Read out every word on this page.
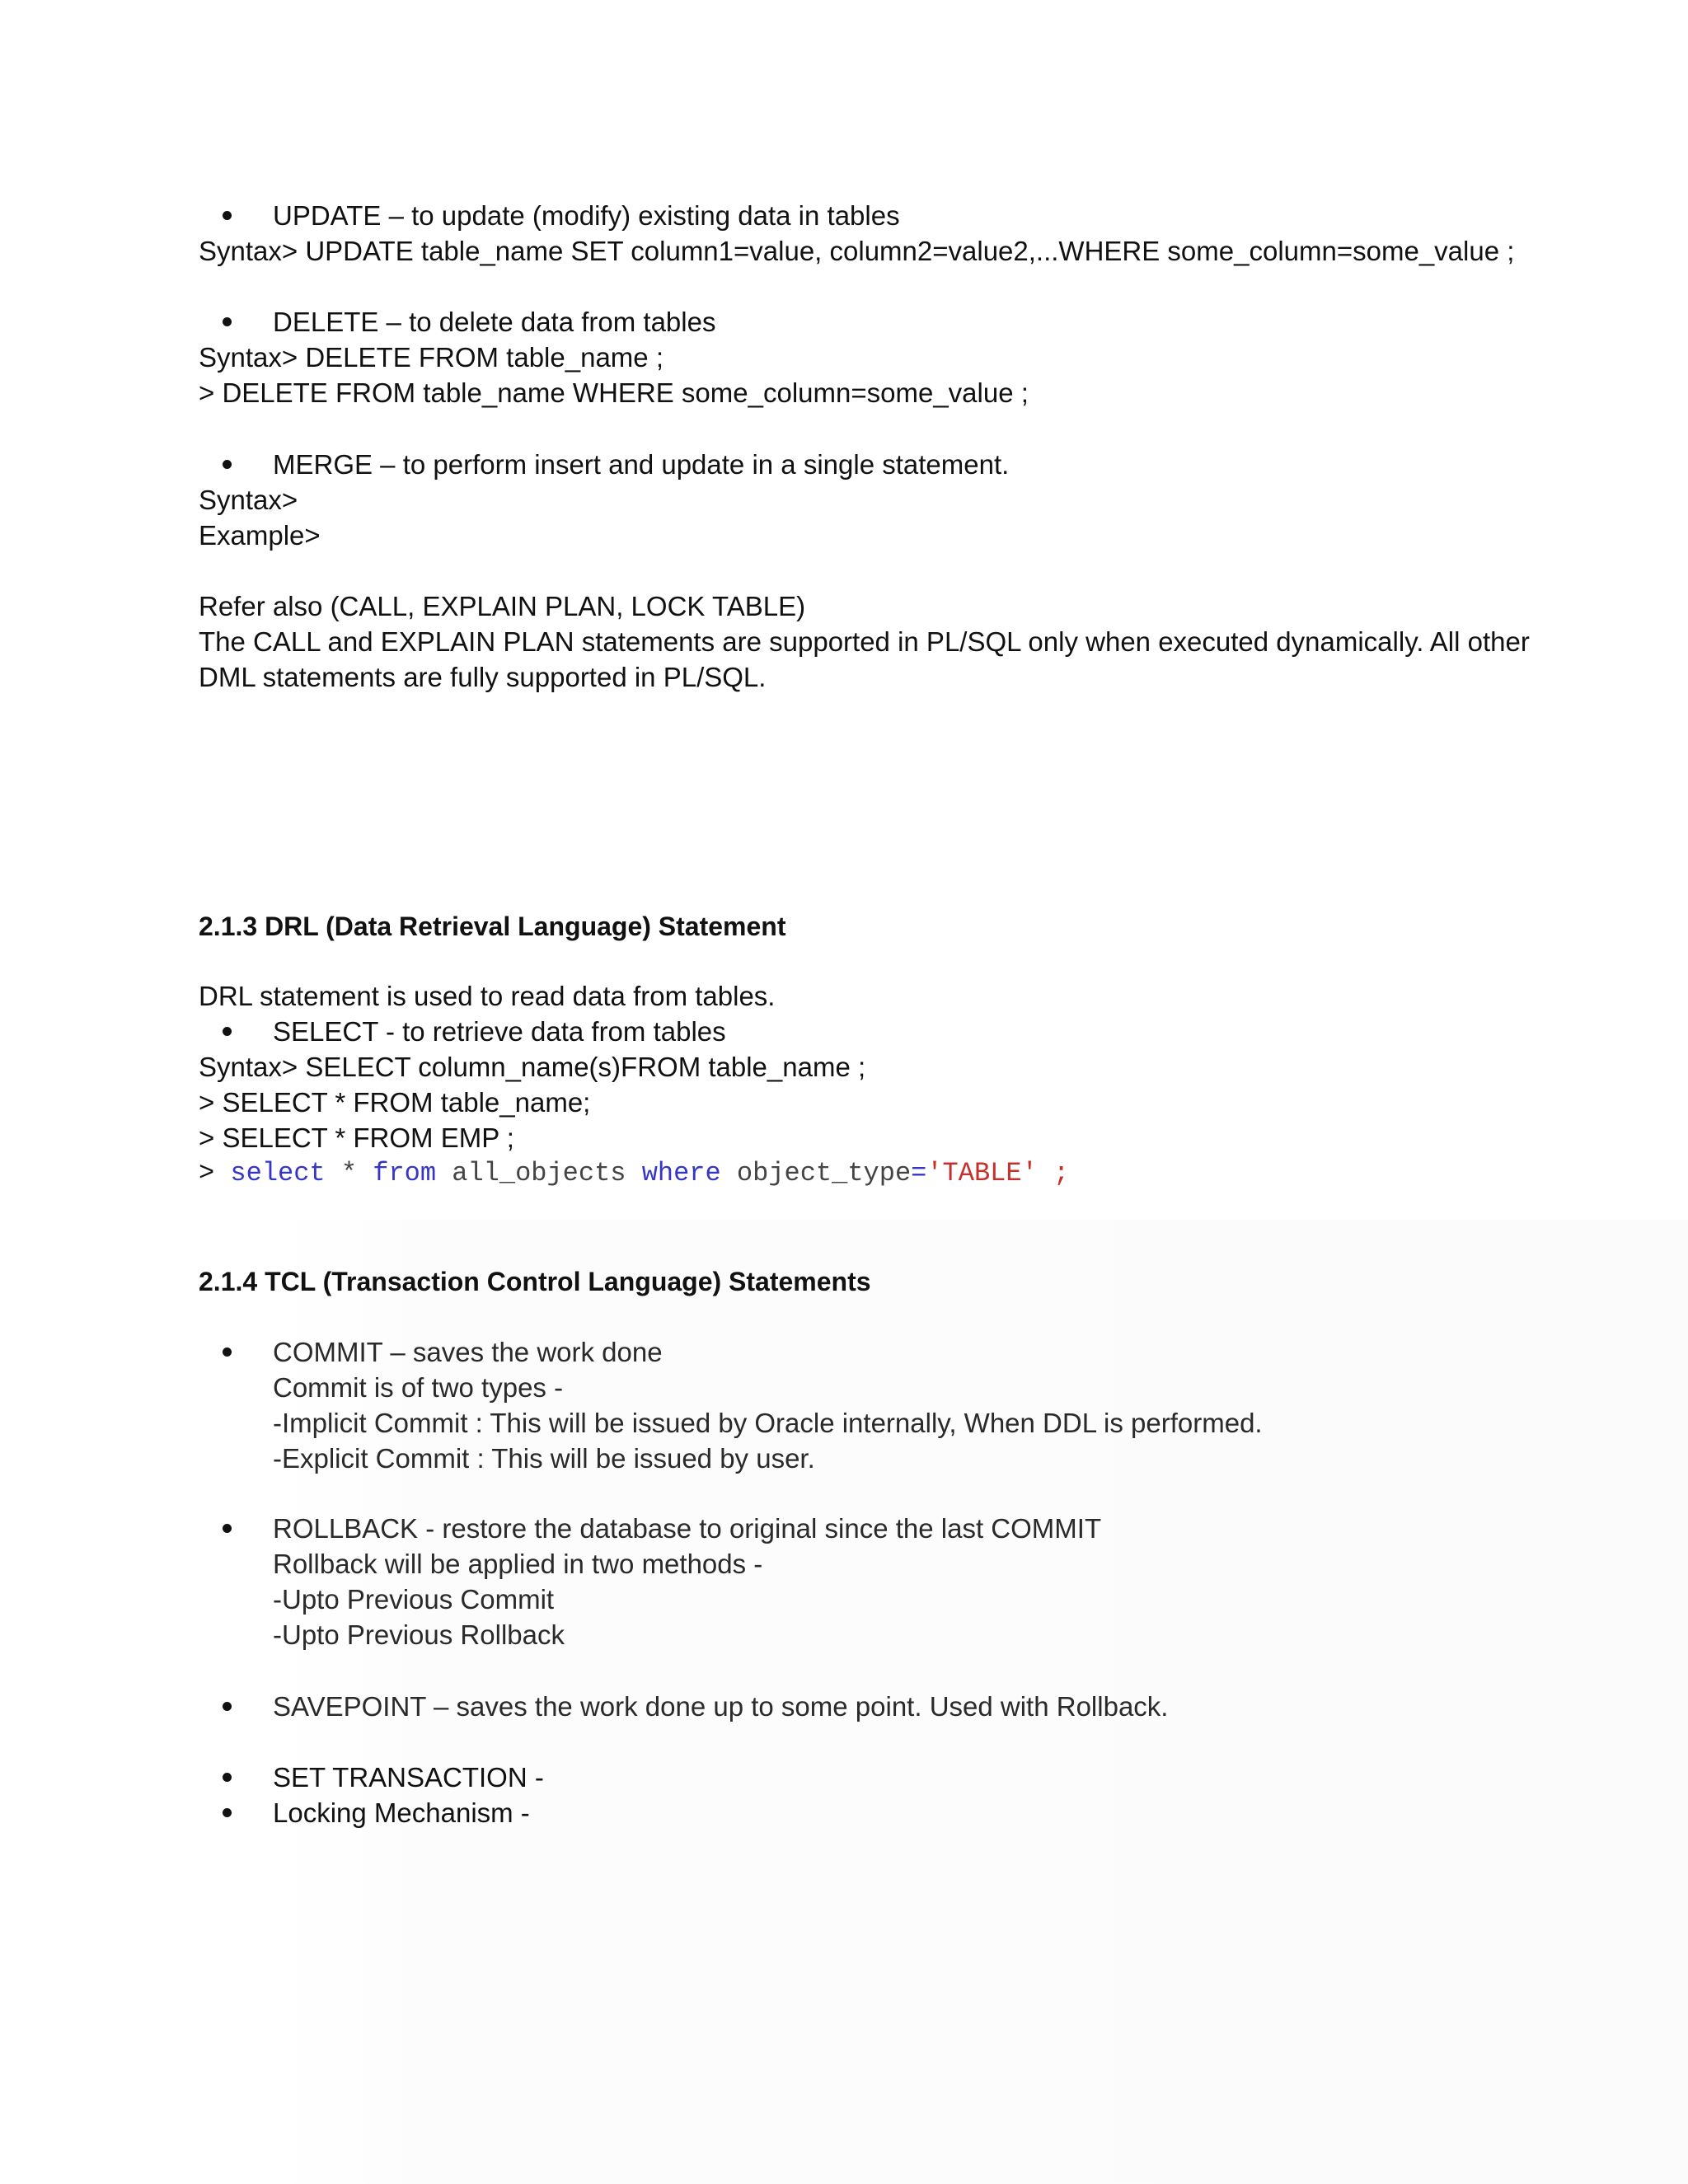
UPDATE – to update (modify) existing data in tables

Syntax> UPDATE table_name SET column1=value, column2=value2,...WHERE some_column=some_value ;

DELETE – to delete data from tables

Syntax> DELETE FROM table_name ;

> DELETE FROM table_name WHERE some_column=some_value ;

MERGE – to perform insert and update in a single statement.

Syntax>

Example>

Refer also (CALL, EXPLAIN PLAN, LOCK TABLE)

The CALL and EXPLAIN PLAN statements are supported in PL/SQL only when executed dynamically. All other

DML statements are fully supported in PL/SQL.

2.1.3 DRL (Data Retrieval Language) Statement

DRL statement is used to read data from tables.

SELECT - to retrieve data from tables

Syntax> SELECT column_name(s)FROM table_name ;

> SELECT * FROM table_name;

> SELECT * FROM EMP ;

> select * from all_objects where object_type='TABLE' ;

2.1.4 TCL (Transaction Control Language) Statements

COMMIT – saves the work done

Commit is of two types -

-Implicit Commit : This will be issued by Oracle internally, When DDL is performed.

-Explicit Commit : This will be issued by user.

ROLLBACK - restore the database to original since the last COMMIT

Rollback will be applied in two methods -

-Upto Previous Commit

-Upto Previous Rollback

SAVEPOINT – saves the work done up to some point. Used with Rollback.

SET TRANSACTION -

Locking Mechanism -
